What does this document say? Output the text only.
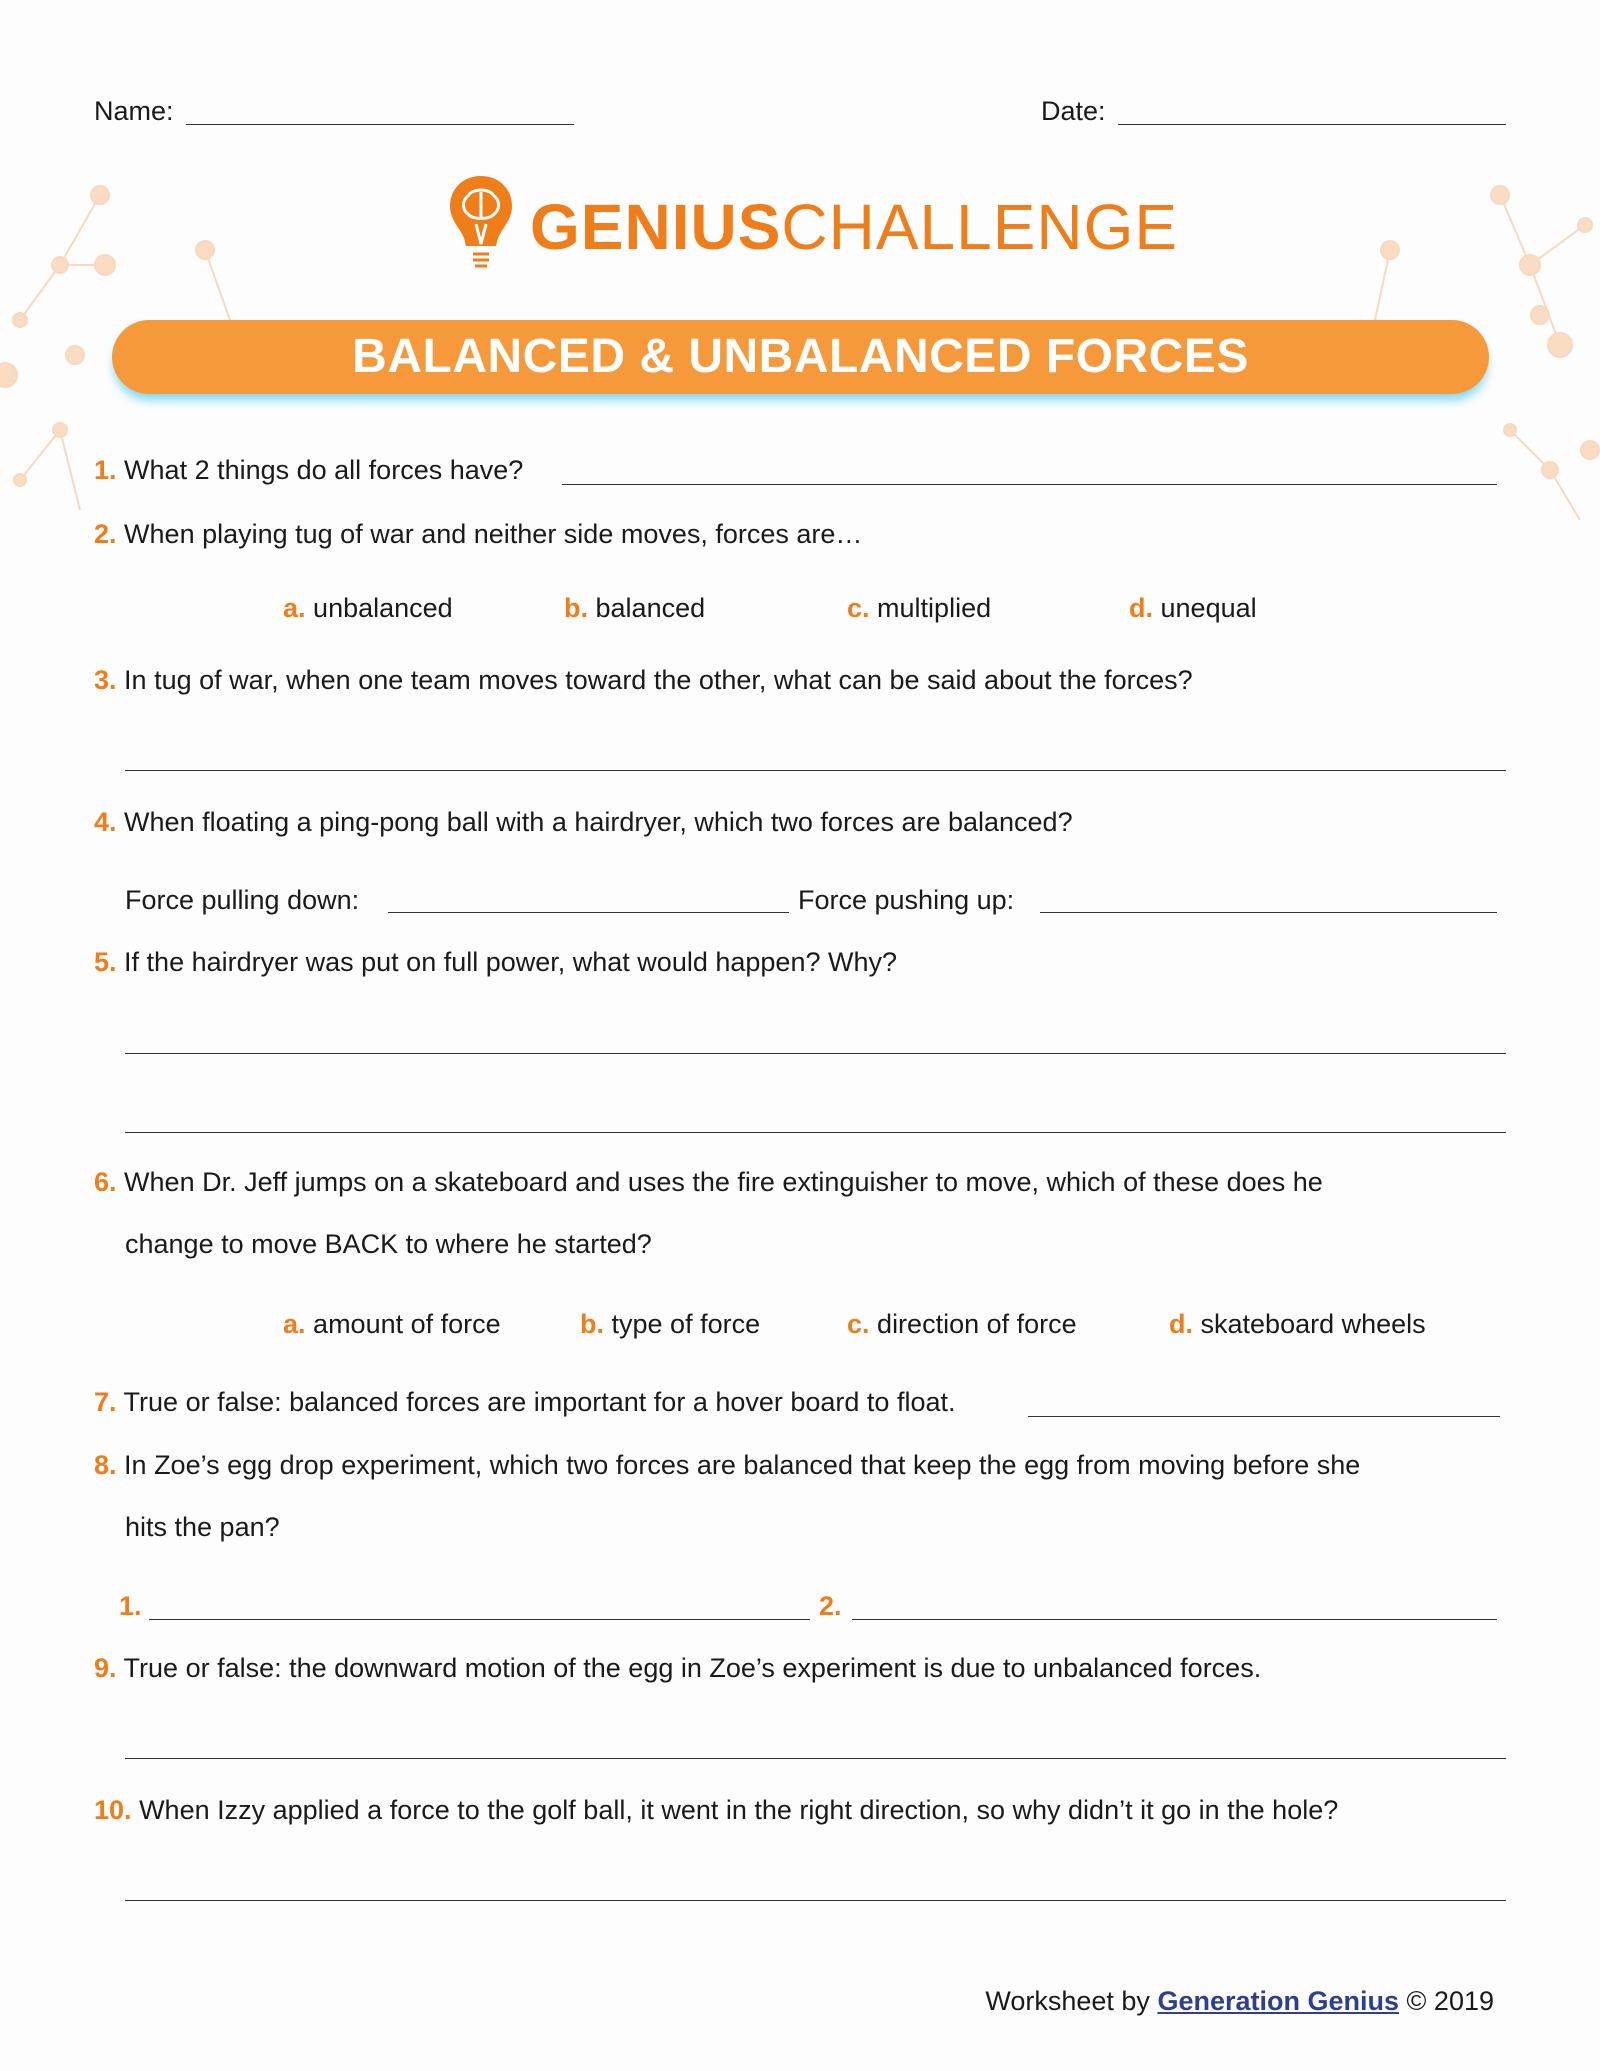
Name:	Date:
GENIUSCHALLENGE
BALANCED & UNBALANCED FORCES
1. What 2 things do all forces have?
2. When playing tug of war and neither side moves, forces are…
a. unbalanced	b. balanced	c. multiplied	d. unequal
3. In tug of war, when one team moves toward the other, what can be said about the forces?
4. When floating a ping-pong ball with a hairdryer, which two forces are balanced?
Force pulling down:	Force pushing up:
5. If the hairdryer was put on full power, what would happen? Why?
6. When Dr. Jeff jumps on a skateboard and uses the fire extinguisher to move, which of these does he
change to move BACK to where he started?
a. amount of force	b. type of force	c. direction of force	d. skateboard wheels
7. True or false: balanced forces are important for a hover board to float.
8. In Zoe’s egg drop experiment, which two forces are balanced that keep the egg from moving before she
hits the pan?
1.	2.
9. True or false: the downward motion of the egg in Zoe’s experiment is due to unbalanced forces.
10. When Izzy applied a force to the golf ball, it went in the right direction, so why didn’t it go in the hole?
Worksheet by Generation Genius © 2019
